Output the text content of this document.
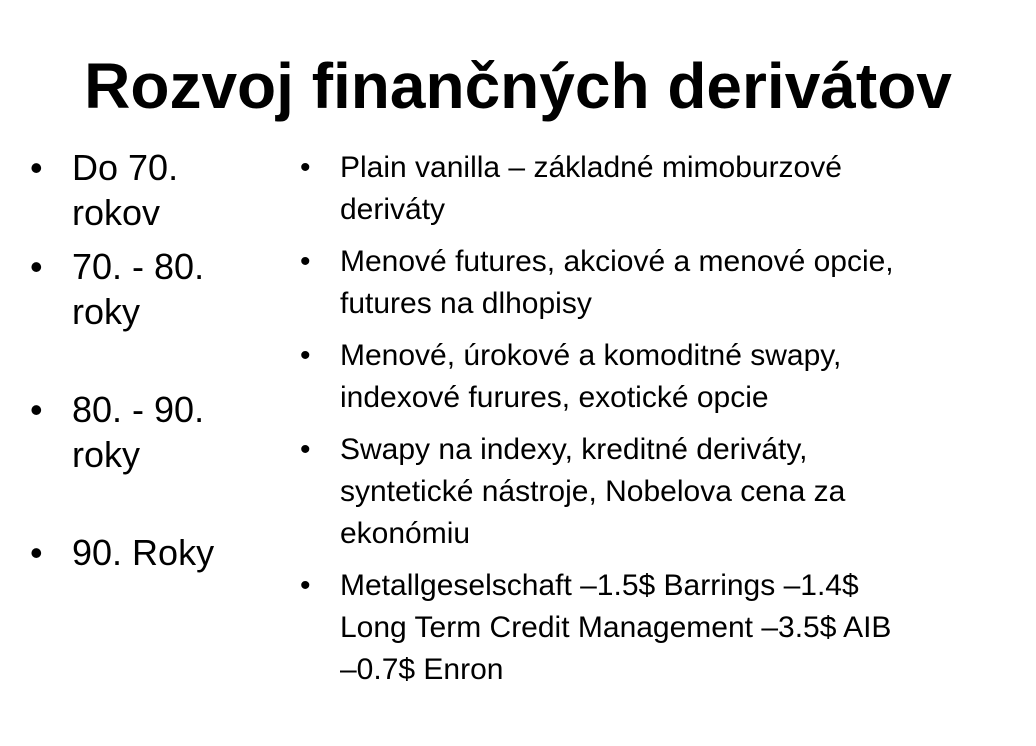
Rozvoj finančných derivátov
• Do 70. rokov
• 70. - 80. roky
• 80. - 90. roky
• 90. Roky
• Plain vanilla – základné mimoburzové
deriváty
• Menové futures, akciové a menové opcie,
futures na dlhopisy
• Menové, úrokové a komoditné swapy,
indexové furures, exotické opcie
• Swapy na indexy, kreditné deriváty,
syntetické nástroje, Nobelova cena za
ekonómiu
• Metallgeselschaft –1.5$ Barrings –1.4$
Long Term Credit Management –3.5$ AIB
–0.7$ Enron
